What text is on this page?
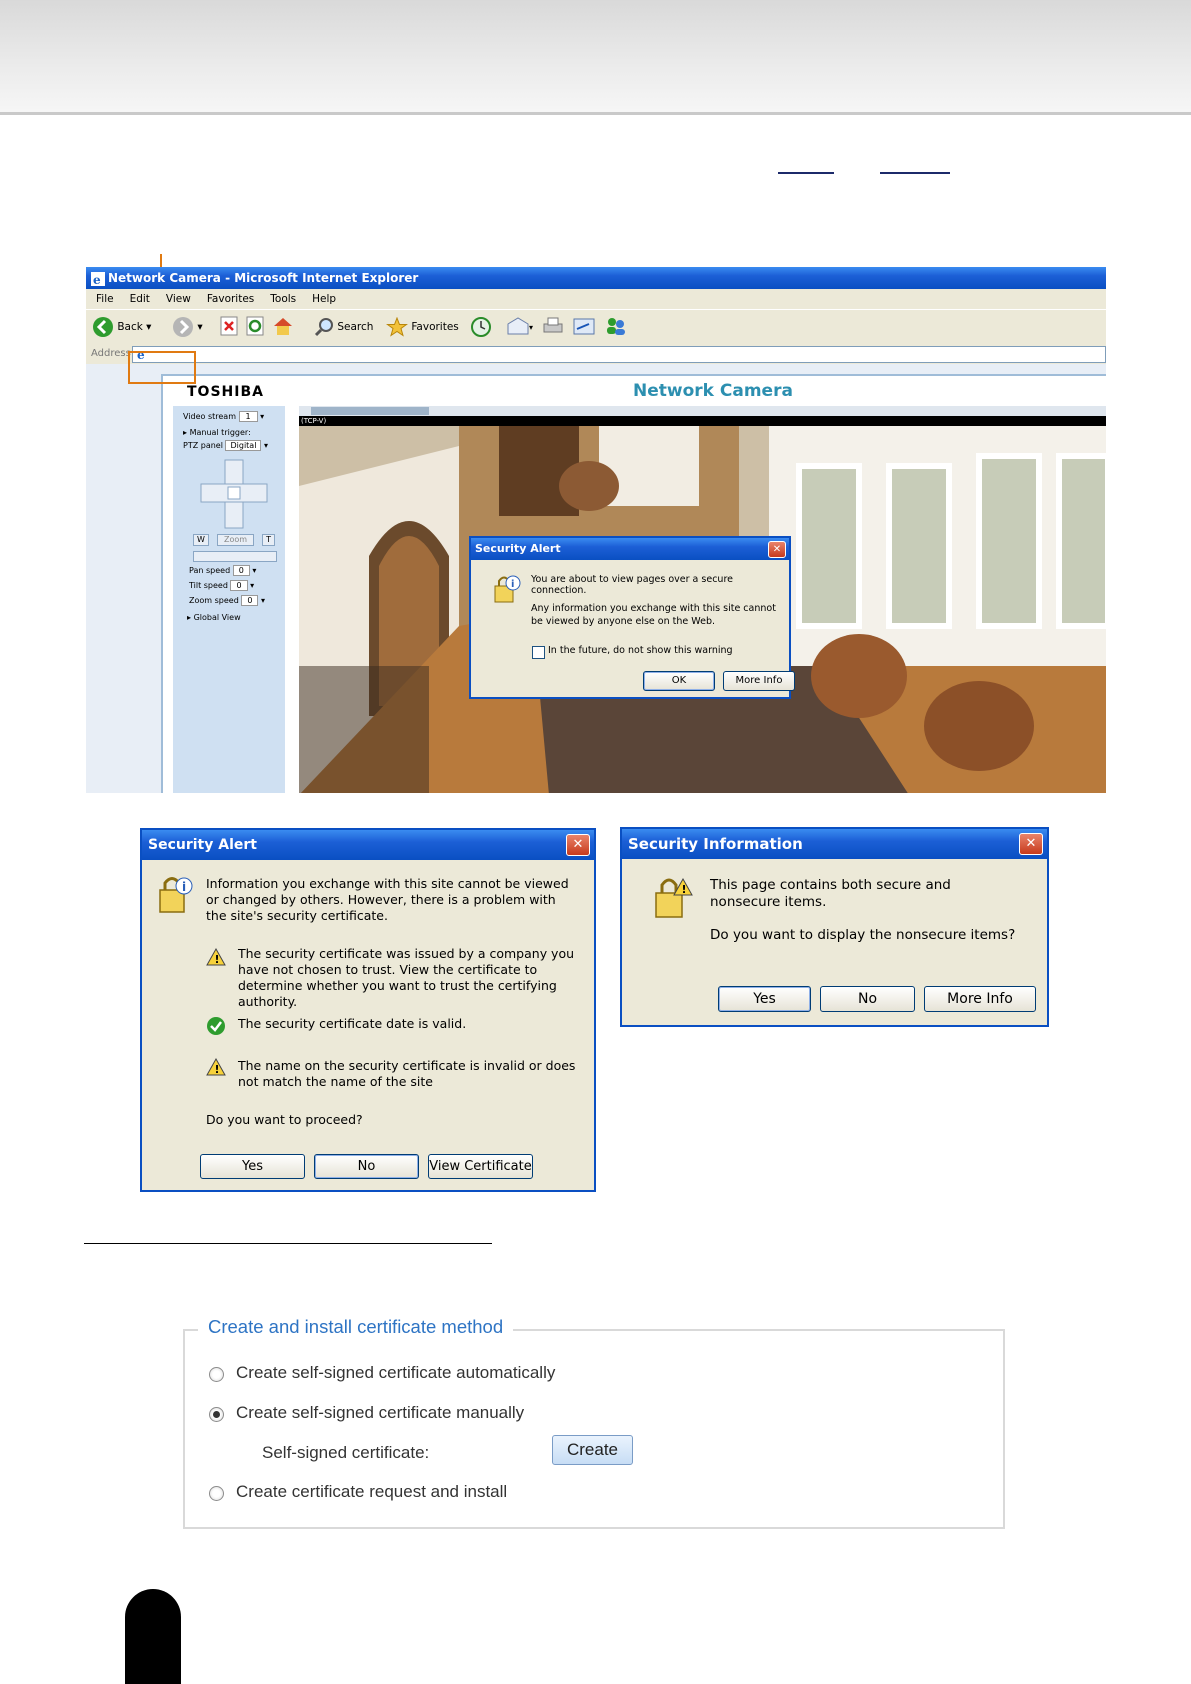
e Network Camera - Microsoft Internet Explorer
File Edit View Favorites Tools Help
Back ▾	▾	Search	Favorites	▾
Address e
TOSHIBA	Network Camera
Video stream 1 ▾
▸ Manual trigger:
PTZ panel Digital ▾
W	Zoom	T
Pan speed 0 ▾
Tilt speed 0 ▾
Zoom speed 0 ▾
▸ Global View
(TCP-V)
Security Alert	✕
i You are about to view pages over a secure connection.
Any information you exchange with this site cannot be viewed by anyone else on the Web.
In the future, do not show this warning
OK	More Info
Security Alert	✕
i Information you exchange with this site cannot be viewed or changed by others. However, there is a problem with the site's security certificate.
! The security certificate was issued by a company you have not chosen to trust. View the certificate to determine whether you want to trust the certifying authority.
The security certificate date is valid.
! The name on the security certificate is invalid or does not match the name of the site
Do you want to proceed?
Yes	No	View Certificate
Security Information	✕
! This page contains both secure and nonsecure items.
Do you want to display the nonsecure items?
Yes	No	More Info
Create and install certificate method
Create self-signed certificate automatically
Create self-signed certificate manually
Self-signed certificate:	Create
Create certificate request and install
